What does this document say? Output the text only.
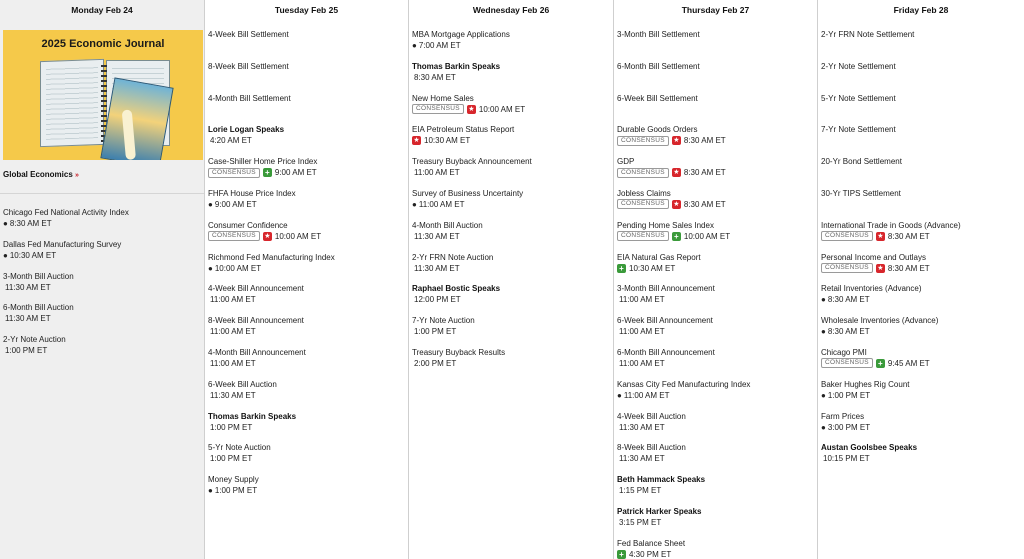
Monday Feb 24
2025 Economic Journal
Global Economics »
Chicago Fed National Activity Index
● 8:30 AM ET
Dallas Fed Manufacturing Survey
● 10:30 AM ET
3-Month Bill Auction
11:30 AM ET
6-Month Bill Auction
11:30 AM ET
2-Yr Note Auction
1:00 PM ET
Tuesday Feb 25
4-Week Bill Settlement
8-Week Bill Settlement
4-Month Bill Settlement
Lorie Logan Speaks
4:20 AM ET
Case-Shiller Home Price Index
CONSENSUS	+ 9:00 AM ET
FHFA House Price Index
● 9:00 AM ET
Consumer Confidence
CONSENSUS	★ 10:00 AM ET
Richmond Fed Manufacturing Index
● 10:00 AM ET
4-Week Bill Announcement
11:00 AM ET
8-Week Bill Announcement
11:00 AM ET
4-Month Bill Announcement
11:00 AM ET
6-Week Bill Auction
11:30 AM ET
Thomas Barkin Speaks
1:00 PM ET
5-Yr Note Auction
1:00 PM ET
Money Supply
● 1:00 PM ET
Wednesday Feb 26
MBA Mortgage Applications
● 7:00 AM ET
Thomas Barkin Speaks
8:30 AM ET
New Home Sales
CONSENSUS	★ 10:00 AM ET
EIA Petroleum Status Report
★ 10:30 AM ET
Treasury Buyback Announcement
11:00 AM ET
Survey of Business Uncertainty
● 11:00 AM ET
4-Month Bill Auction
11:30 AM ET
2-Yr FRN Note Auction
11:30 AM ET
Raphael Bostic Speaks
12:00 PM ET
7-Yr Note Auction
1:00 PM ET
Treasury Buyback Results
2:00 PM ET
Thursday Feb 27
3-Month Bill Settlement
6-Month Bill Settlement
6-Week Bill Settlement
Durable Goods Orders
CONSENSUS	★ 8:30 AM ET
GDP
CONSENSUS	★ 8:30 AM ET
Jobless Claims
CONSENSUS	★ 8:30 AM ET
Pending Home Sales Index
CONSENSUS	+ 10:00 AM ET
EIA Natural Gas Report
+ 10:30 AM ET
3-Month Bill Announcement
11:00 AM ET
6-Week Bill Announcement
11:00 AM ET
6-Month Bill Announcement
11:00 AM ET
Kansas City Fed Manufacturing Index
● 11:00 AM ET
4-Week Bill Auction
11:30 AM ET
8-Week Bill Auction
11:30 AM ET
Beth Hammack Speaks
1:15 PM ET
Patrick Harker Speaks
3:15 PM ET
Fed Balance Sheet
+ 4:30 PM ET
Friday Feb 28
2-Yr FRN Note Settlement
2-Yr Note Settlement
5-Yr Note Settlement
7-Yr Note Settlement
20-Yr Bond Settlement
30-Yr TIPS Settlement
International Trade in Goods (Advance)
CONSENSUS	★ 8:30 AM ET
Personal Income and Outlays
CONSENSUS	★ 8:30 AM ET
Retail Inventories (Advance)
● 8:30 AM ET
Wholesale Inventories (Advance)
● 8:30 AM ET
Chicago PMI
CONSENSUS	+ 9:45 AM ET
Baker Hughes Rig Count
● 1:00 PM ET
Farm Prices
● 3:00 PM ET
Austan Goolsbee Speaks
10:15 PM ET
